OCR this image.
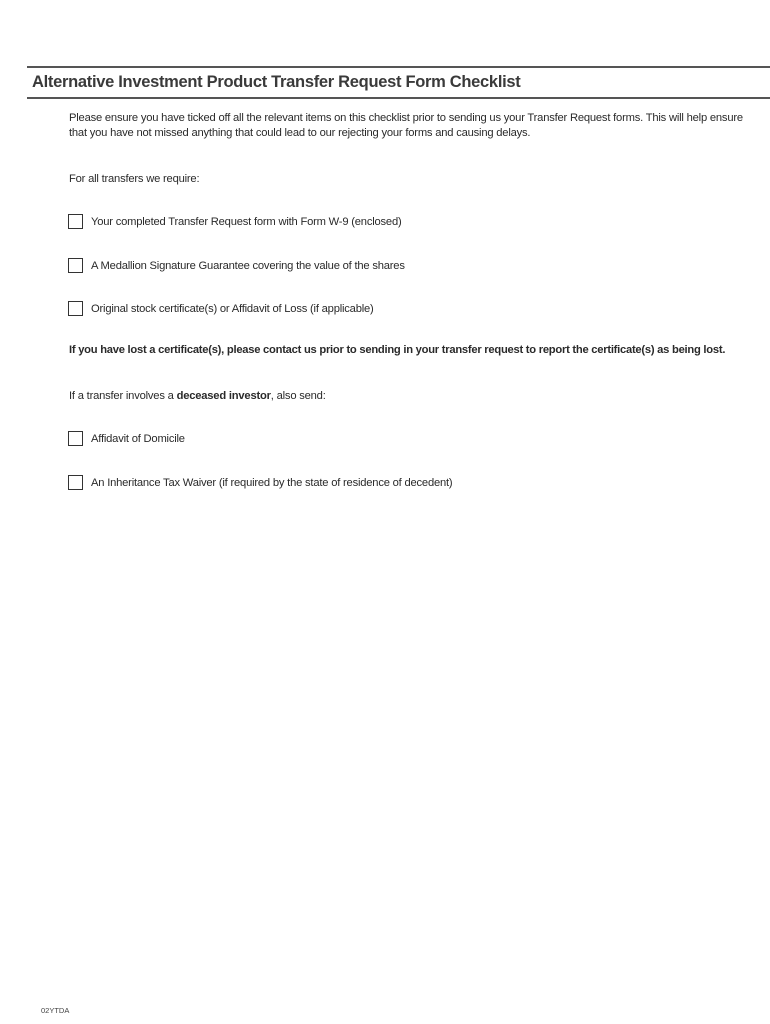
Alternative Investment Product Transfer Request Form Checklist

Please ensure you have ticked off all the relevant items on this checklist prior to sending us your Transfer Request forms. This will help ensure that you have not missed anything that could lead to our rejecting your forms and causing delays.

For all transfers we require:

Your completed Transfer Request form with Form W-9 (enclosed)
A Medallion Signature Guarantee covering the value of the shares
Original stock certificate(s) or Affidavit of Loss (if applicable)

If you have lost a certificate(s), please contact us prior to sending in your transfer request to report the certificate(s) as being lost.

If a transfer involves a deceased investor, also send:

Affidavit of Domicile
An Inheritance Tax Waiver (if required by the state of residence of decedent)

02YTDA
